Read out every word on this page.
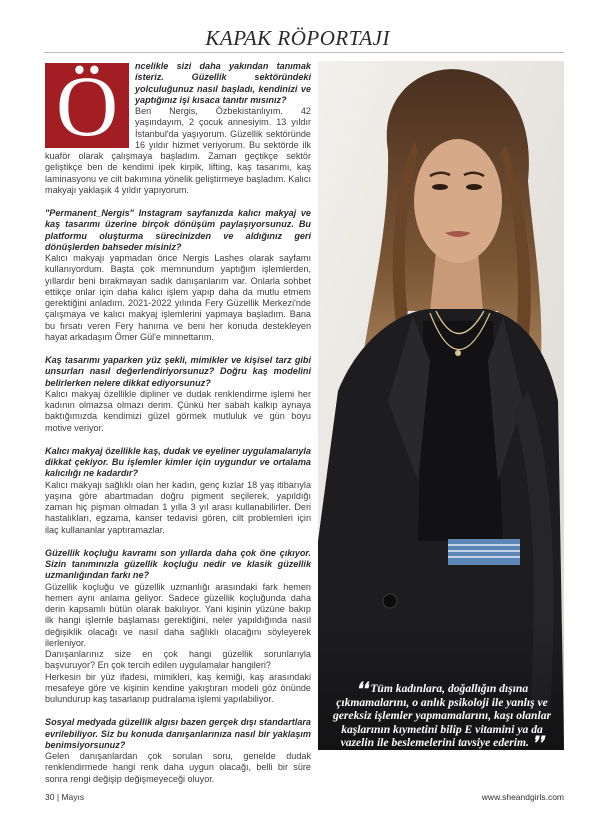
KAPAK RÖPORTAJI
Ö	ncelikle sizi daha yakından tanımak isteriz. Güzellik sektöründeki yolculuğunuz nasıl başladı, kendinizi ve yaptığınız işi kısaca tanıtır mısınız?

Ben Nergis, Özbekistanlıyım. 42 yaşındayım, 2 çocuk annesiyim. 13 yıldır İstanbul'da yaşıyorum. Güzellik sektöründe 16 yıldır hizmet veriyorum. Bu sektörde ilk kuaför olarak çalışmaya başladım. Zaman geçtikçe sektör geliştikçe ben de kendimi ipek kirpik, lifting, kaş tasarımı, kaş laminasyonu ve cilt bakımına yönelik geliştirmeye başladım. Kalıcı makyajı yaklaşık 4 yıldır yapıyorum.

"Permanent_Nergis" Instagram sayfanızda kalıcı makyaj ve kaş tasarımı üzerine birçok dönüşüm paylaşıyorsunuz. Bu platformu oluşturma sürecinizden ve aldığınız geri dönüşlerden bahseder misiniz?

Kalıcı makyajı yapmadan önce Nergis Lashes olarak sayfamı kullanıyordum. Başta çok memnundum yaptığım işlemlerden, yıllardır beni bırakmayan sadık danışanlarım var. Onlarla sohbet ettikçe onlar için daha kalıcı işlem yapıp daha da mutlu etmem gerektiğini anladım. 2021-2022 yılında Fery Güzellik Merkezi'nde çalışmaya ve kalıcı makyaj işlemlerini yapmaya başladım. Bana bu fırsatı veren Fery hanıma ve beni her konuda destekleyen hayat arkadaşım Ömer Gül'e minnettarım.

Kaş tasarımı yaparken yüz şekli, mimikler ve kişisel tarz gibi unsurları nasıl değerlendiriyorsunuz? Doğru kaş modelini belirlerken nelere dikkat ediyorsunuz?

Kalıcı makyaj özellikle dipliner ve dudak renklendirme işlemi her kadının olmazsa olmazı derim. Çünkü her sabah kalkıp aynaya baktığımızda kendimizi güzel görmek mutluluk ve gün boyu motive veriyor.

Kalıcı makyaj özellikle kaş, dudak ve eyeliner uygulamalarıyla dikkat çekiyor. Bu işlemler kimler için uygundur ve ortalama kalıcılığı ne kadardır?

Kalıcı makyajı sağlıklı olan her kadın, genç kızlar 18 yaş itibarıyla yaşına göre abartmadan doğru pigment seçilerek, yapıldığı zaman hiç pişman olmadan 1 yılla 3 yıl arası kullanabilirler. Deri hastalıkları, egzama, kanser tedavisi gören, cilt problemleri için ilaç kullananlar yaptıramazlar.

Güzellik koçluğu kavramı son yıllarda daha çok öne çıkıyor. Sizin tanımınızla güzellik koçluğu nedir ve klasik güzellik uzmanlığından farkı ne?

Güzellik koçluğu ve güzellik uzmanlığı arasındaki fark hemen hemen aynı anlama geliyor. Sadece güzellik koçluğunda daha derin kapsamlı bütün olarak bakılıyor. Yani kişinin yüzüne bakıp ilk hangi işlemle başlaması gerektiğini, neler yapıldığında nasıl değişiklik olacağı ve nasıl daha sağlıklı olacağını söyleyerek ilerleniyor.

Danışanlarınız size en çok hangi güzellik sorunlarıyla başvuruyor? En çok tercih edilen uygulamalar hangileri?

Herkesin bir yüz ifadesi, mimikleri, kaş kemiği, kaş arasındaki mesafeye göre ve kişinin kendine yakıştıran modeli göz önünde bulundurup kaş tasarlanıp pudralama işlemi yapılabiliyor.

Sosyal medyada güzellik algısı bazen gerçek dışı standartlara evrilebiliyor. Siz bu konuda danışanlarınıza nasıl bir yaklaşım benimsiyorsunuz?

Gelen danışanlardan çok sorulan soru, genelde dudak renklendirmede hangi renk daha uygun olacağı, belli bir süre sonra rengi değişip değişmeyeceği oluyor.

❛❛ Tüm kadınlara, doğallığın dışına çıkmamalarını, o anlık psikoloji ile yanlış ve gereksiz işlemler yapmamalarını, kaşı olanlar kaşlarının kıymetini bilip E vitamini ya da vazelin ile beslemelerini tavsiye ederim. ❜❜
30 | Mayıs	www.sheandgirls.com
